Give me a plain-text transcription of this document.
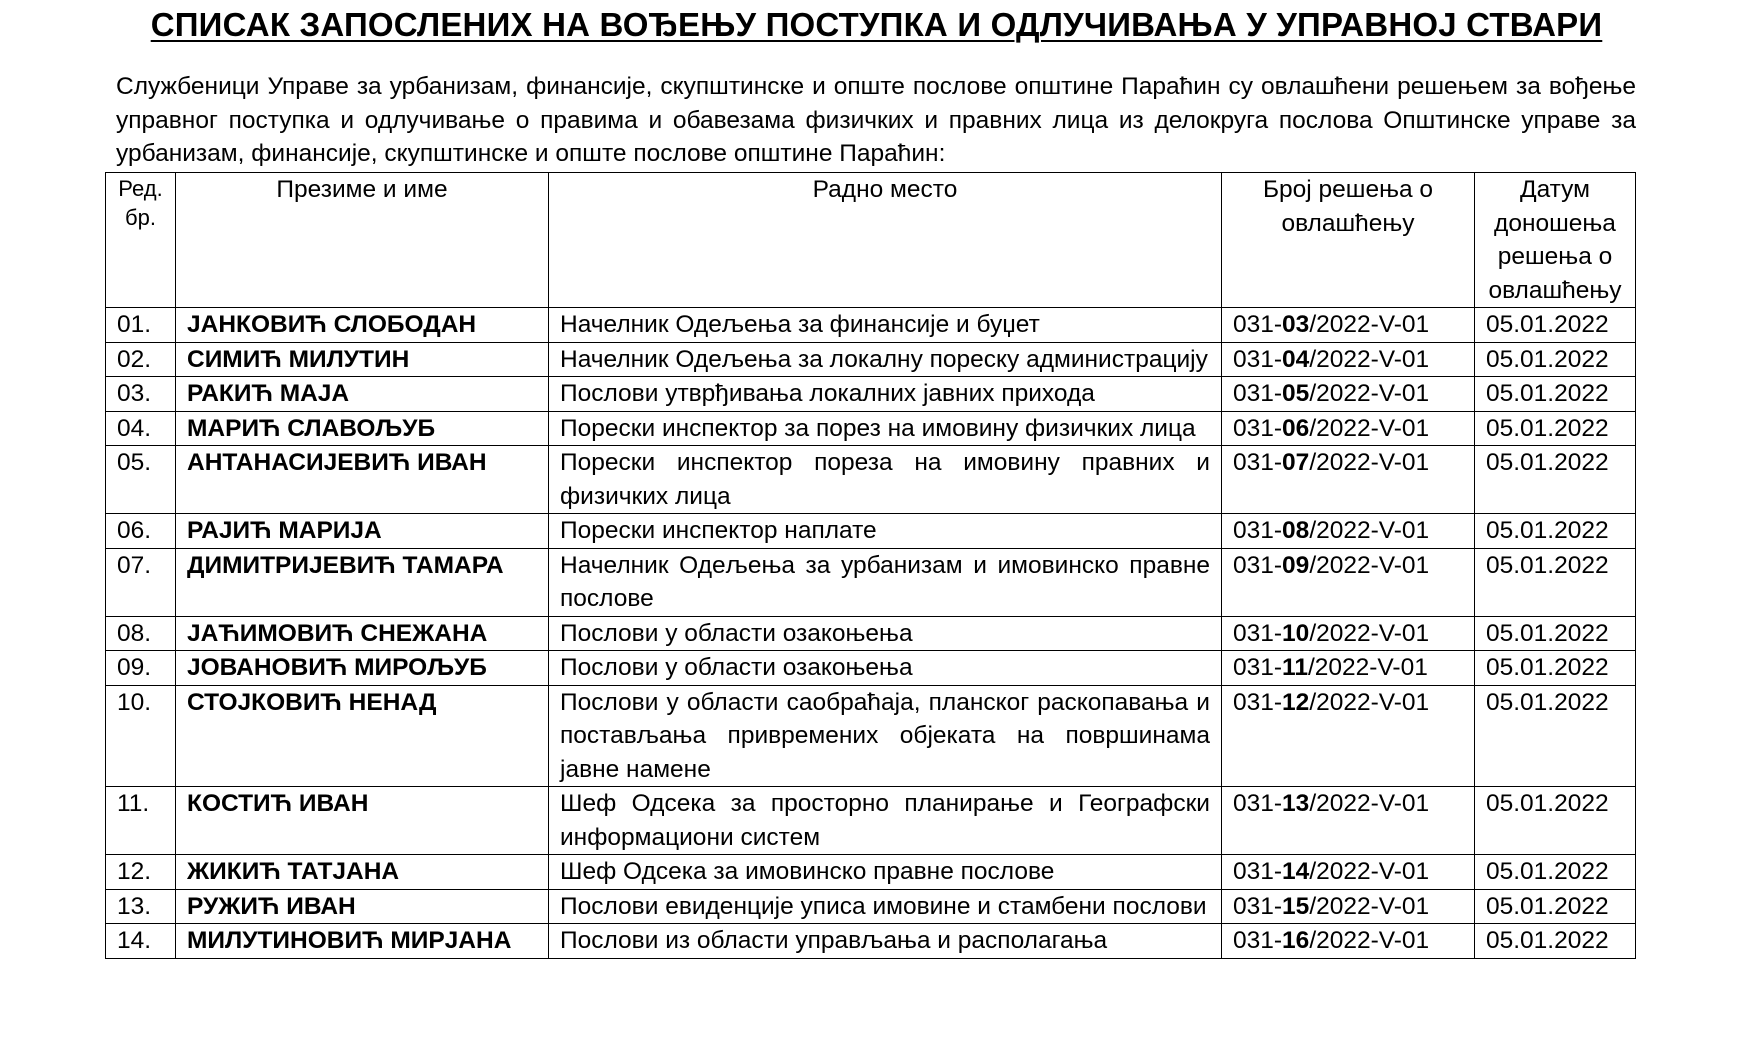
СПИСАК ЗАПОСЛЕНИХ НА ВОЂЕЊУ ПОСТУПКА И ОДЛУЧИВАЊА У УПРАВНОЈ СТВАРИ
Службеници Управе за урбанизам, финансије, скупштинске и опште послове општине Параћин су овлашћени решењем за вођење управног поступка и одлучивање о правима и обавезама физичких и правних лица из делокруга послова Општинске управе за урбанизам, финансије, скупштинске и опште послове општине Параћин:
Ред. бр.	Презиме и име	Радно место	Број решења о овлашћењу	Датум доношења решења о овлашћењу
01.	ЈАНКОВИЋ СЛОБОДАН	Начелник Одељења за финансије и буџет	031-03/2022-V-01	05.01.2022
02.	СИМИЋ МИЛУТИН	Начелник Одељења за локалну пореску администрацију	031-04/2022-V-01	05.01.2022
03.	РАКИЋ МАЈА	Послови утврђивања локалних јавних прихода	031-05/2022-V-01	05.01.2022
04.	МАРИЋ СЛАВОЉУБ	Порески инспектор за порез на имовину физичких лица	031-06/2022-V-01	05.01.2022
05.	АНТАНАСИЈЕВИЋ ИВАН	Порески инспектор пореза на имовину правних и физичких лица	031-07/2022-V-01	05.01.2022
06.	РАЈИЋ МАРИЈА	Порески инспектор наплате	031-08/2022-V-01	05.01.2022
07.	ДИМИТРИЈЕВИЋ ТАМАРА	Начелник Одељења за урбанизам и имовинско правне послове	031-09/2022-V-01	05.01.2022
08.	ЈАЋИМОВИЋ СНЕЖАНА	Послови у области озакоњења	031-10/2022-V-01	05.01.2022
09.	ЈОВАНОВИЋ МИРОЉУБ	Послови у области озакоњења	031-11/2022-V-01	05.01.2022
10.	СТОЈКОВИЋ НЕНАД	Послови у области саобраћаја, планског раскопавања и постављања привремених објеката на површинама јавне намене	031-12/2022-V-01	05.01.2022
11.	КОСТИЋ ИВАН	Шеф Одсека за просторно планирање и Географски информациони систем	031-13/2022-V-01	05.01.2022
12.	ЖИКИЋ ТАТЈАНА	Шеф Одсека за имовинско правне послове	031-14/2022-V-01	05.01.2022
13.	РУЖИЋ ИВАН	Послови евиденције уписа имовине и стамбени послови	031-15/2022-V-01	05.01.2022
14.	МИЛУТИНОВИЋ МИРЈАНА	Послови из области управљања и располагања	031-16/2022-V-01	05.01.2022
